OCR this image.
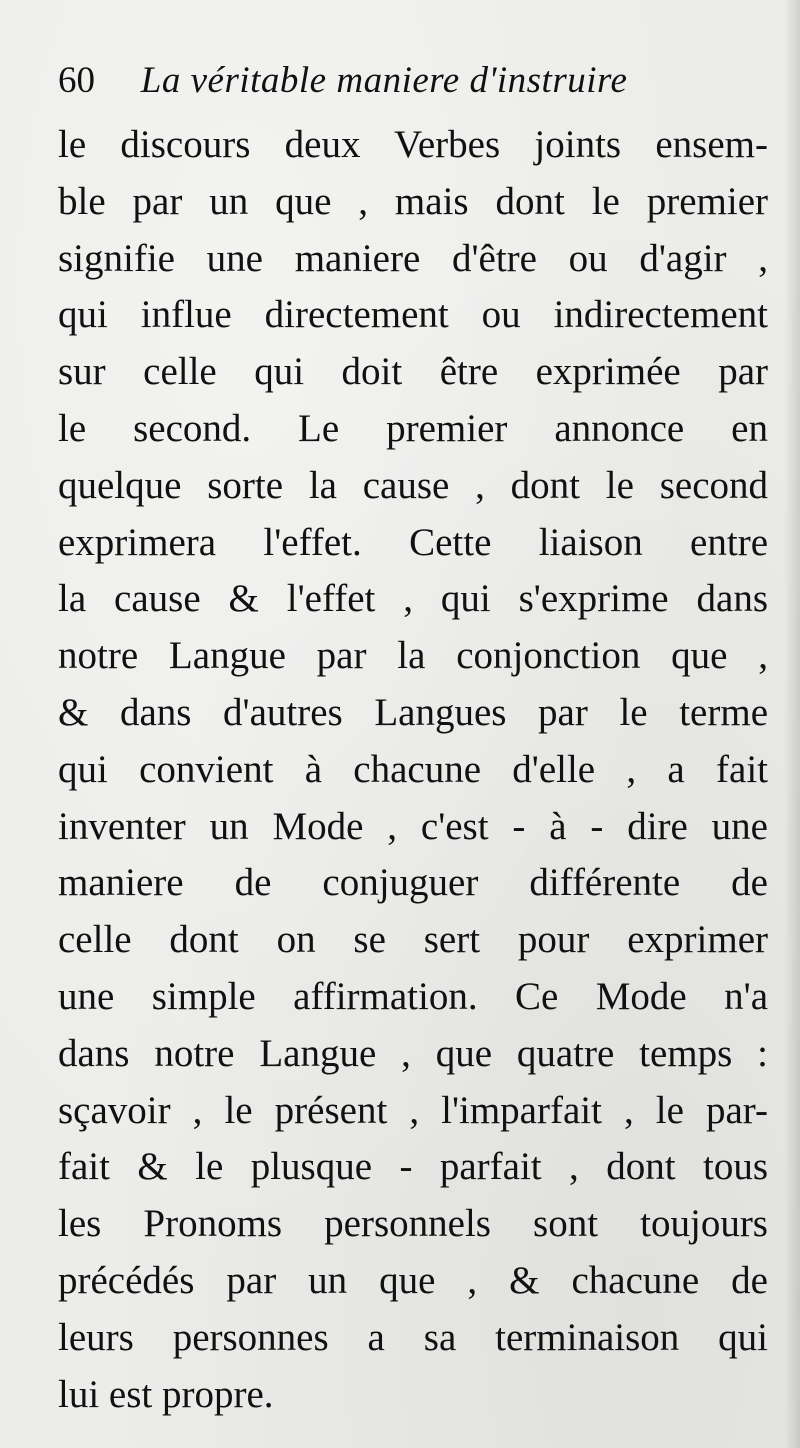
60 La véritable maniere d'instruire
le discours deux Verbes joints ensem-
ble par un que , mais dont le premier
signifie une maniere d'être ou d'agir ,
qui influe directement ou indirectement
sur celle qui doit être exprimée par
le second. Le premier annonce en
quelque sorte la cause , dont le second
exprimera l'effet. Cette liaison entre
la cause & l'effet , qui s'exprime dans
notre Langue par la conjonction que ,
& dans d'autres Langues par le terme
qui convient à chacune d'elle , a fait
inventer un Mode , c'est - à - dire une
maniere de conjuguer différente de
celle dont on se sert pour exprimer
une simple affirmation. Ce Mode n'a
dans notre Langue , que quatre temps :
sçavoir , le présent , l'imparfait , le par-
fait & le plusque - parfait , dont tous
les Pronoms personnels sont toujours
précédés par un que , & chacune de
leurs personnes a sa terminaison qui
lui est propre.
